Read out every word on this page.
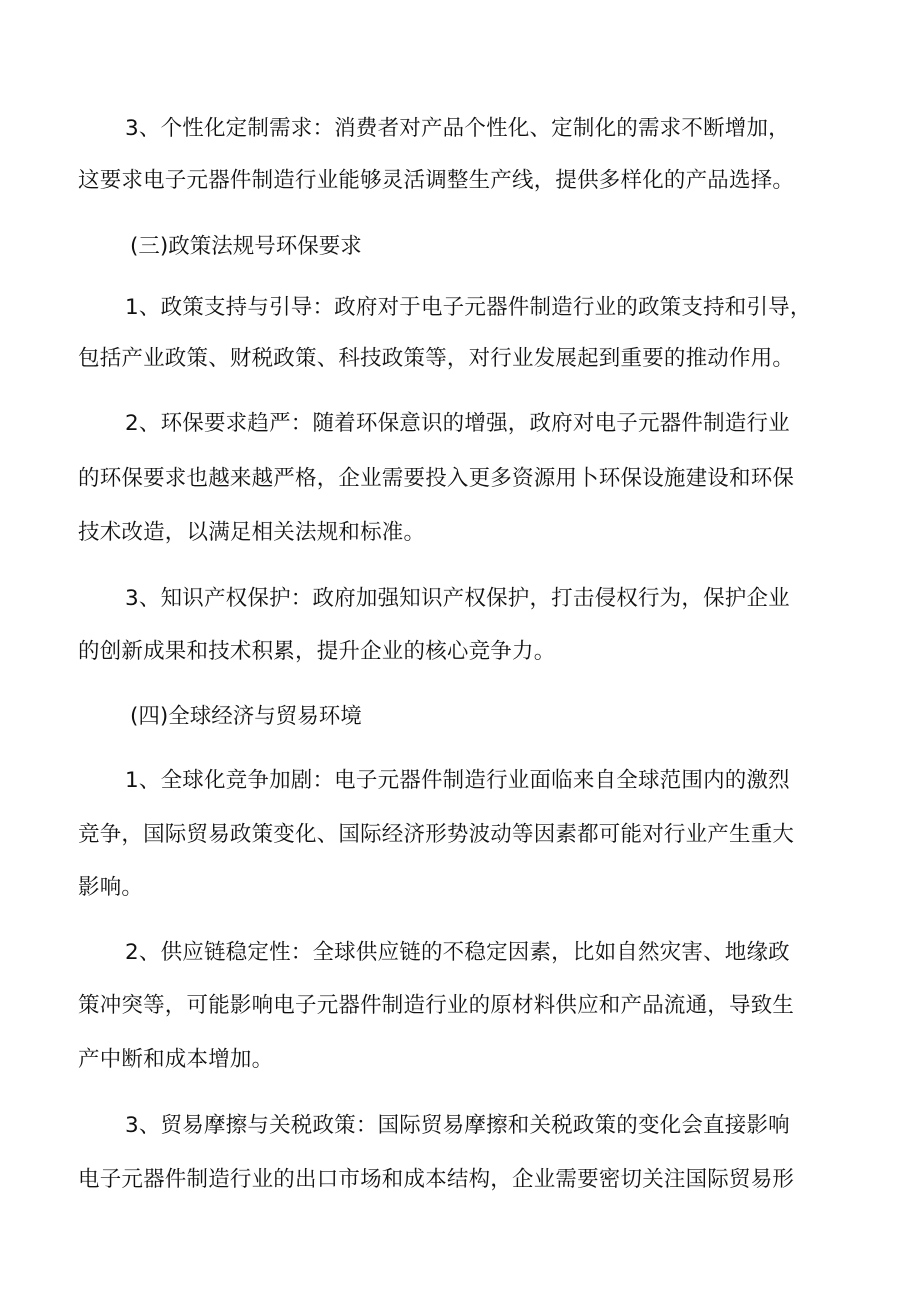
3、个性化定制需求：消费者对产品个性化、定制化的需求不断增加，
这要求电子元器件制造行业能够灵活调整生产线，提供多样化的产品选择。
(三)政策法规号环保要求
1、政策支持与引导：政府对于电子元器件制造行业的政策支持和引导，
包括产业政策、财税政策、科技政策等，对行业发展起到重要的推动作用。
2、环保要求趋严：随着环保意识的增强，政府对电子元器件制造行业
的环保要求也越来越严格，企业需要投入更多资源用卜环保设施建设和环保
技术改造，以满足相关法规和标准。
3、知识产权保护：政府加强知识产权保护，打击侵权行为，保护企业
的创新成果和技术积累，提升企业的核心竞争力。
(四)全球经济与贸易环境
1、全球化竞争加剧：电子元器件制造行业面临来自全球范围内的激烈
竞争，国际贸易政策变化、国际经济形势波动等因素都可能对行业产生重大
影响。
2、供应链稳定性：全球供应链的不稳定因素，比如自然灾害、地缘政
策冲突等，可能影响电子元器件制造行业的原材料供应和产品流通，导致生
产中断和成本增加。
3、贸易摩擦与关税政策：国际贸易摩擦和关税政策的变化会直接影响
电子元器件制造行业的出口市场和成本结构，企业需要密切关注国际贸易形
